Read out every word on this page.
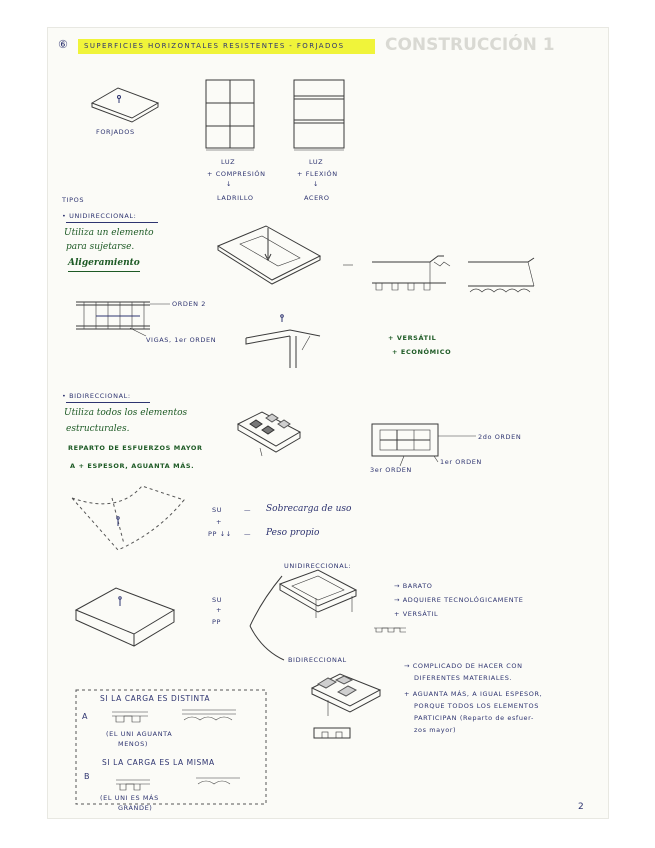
CONSTRUCCIÓN 1
⑥ SUPERFICIES HORIZONTALES RESISTENTES - FORJADOS
FORJADOS
LUZ
+ COMPRESIÓN
↓
LADRILLO
LUZ
+ FLEXIÓN
↓
ACERO
TIPOS
• UNIDIRECCIONAL:
Utiliza un elemento
para sujetarse.
Aligeramiento
ORDEN 2
VIGAS, 1er ORDEN	+ VERSÁTIL
+ ECONÓMICO
• BIDIRECCIONAL:
Utiliza todos los elementos
estructurales.
REPARTO DE ESFUERZOS MAYOR
A + ESPESOR, AGUANTA MÁS.
2do ORDEN
1er ORDEN
3er ORDEN
SU
+
PP ↓↓
—
—
Sobrecarga de uso
Peso propio
SU
+
PP
UNIDIRECCIONAL:
→ BARATO
→ ADQUIERE TECNOLÓGICAMENTE
+ VERSÁTIL
BIDIRECCIONAL
→ COMPLICADO DE HACER CON
DIFERENTES MATERIALES.
+ AGUANTA MÁS, A IGUAL ESPESOR,
PORQUE TODOS LOS ELEMENTOS
PARTICIPAN (Reparto de esfuer-
zos mayor)
SI LA CARGA ES DISTINTA
A
(EL UNI AGUANTA
MENOS)
SI LA CARGA ES LA MISMA
B
(EL UNI ES MÁS
GRANDE)	2
